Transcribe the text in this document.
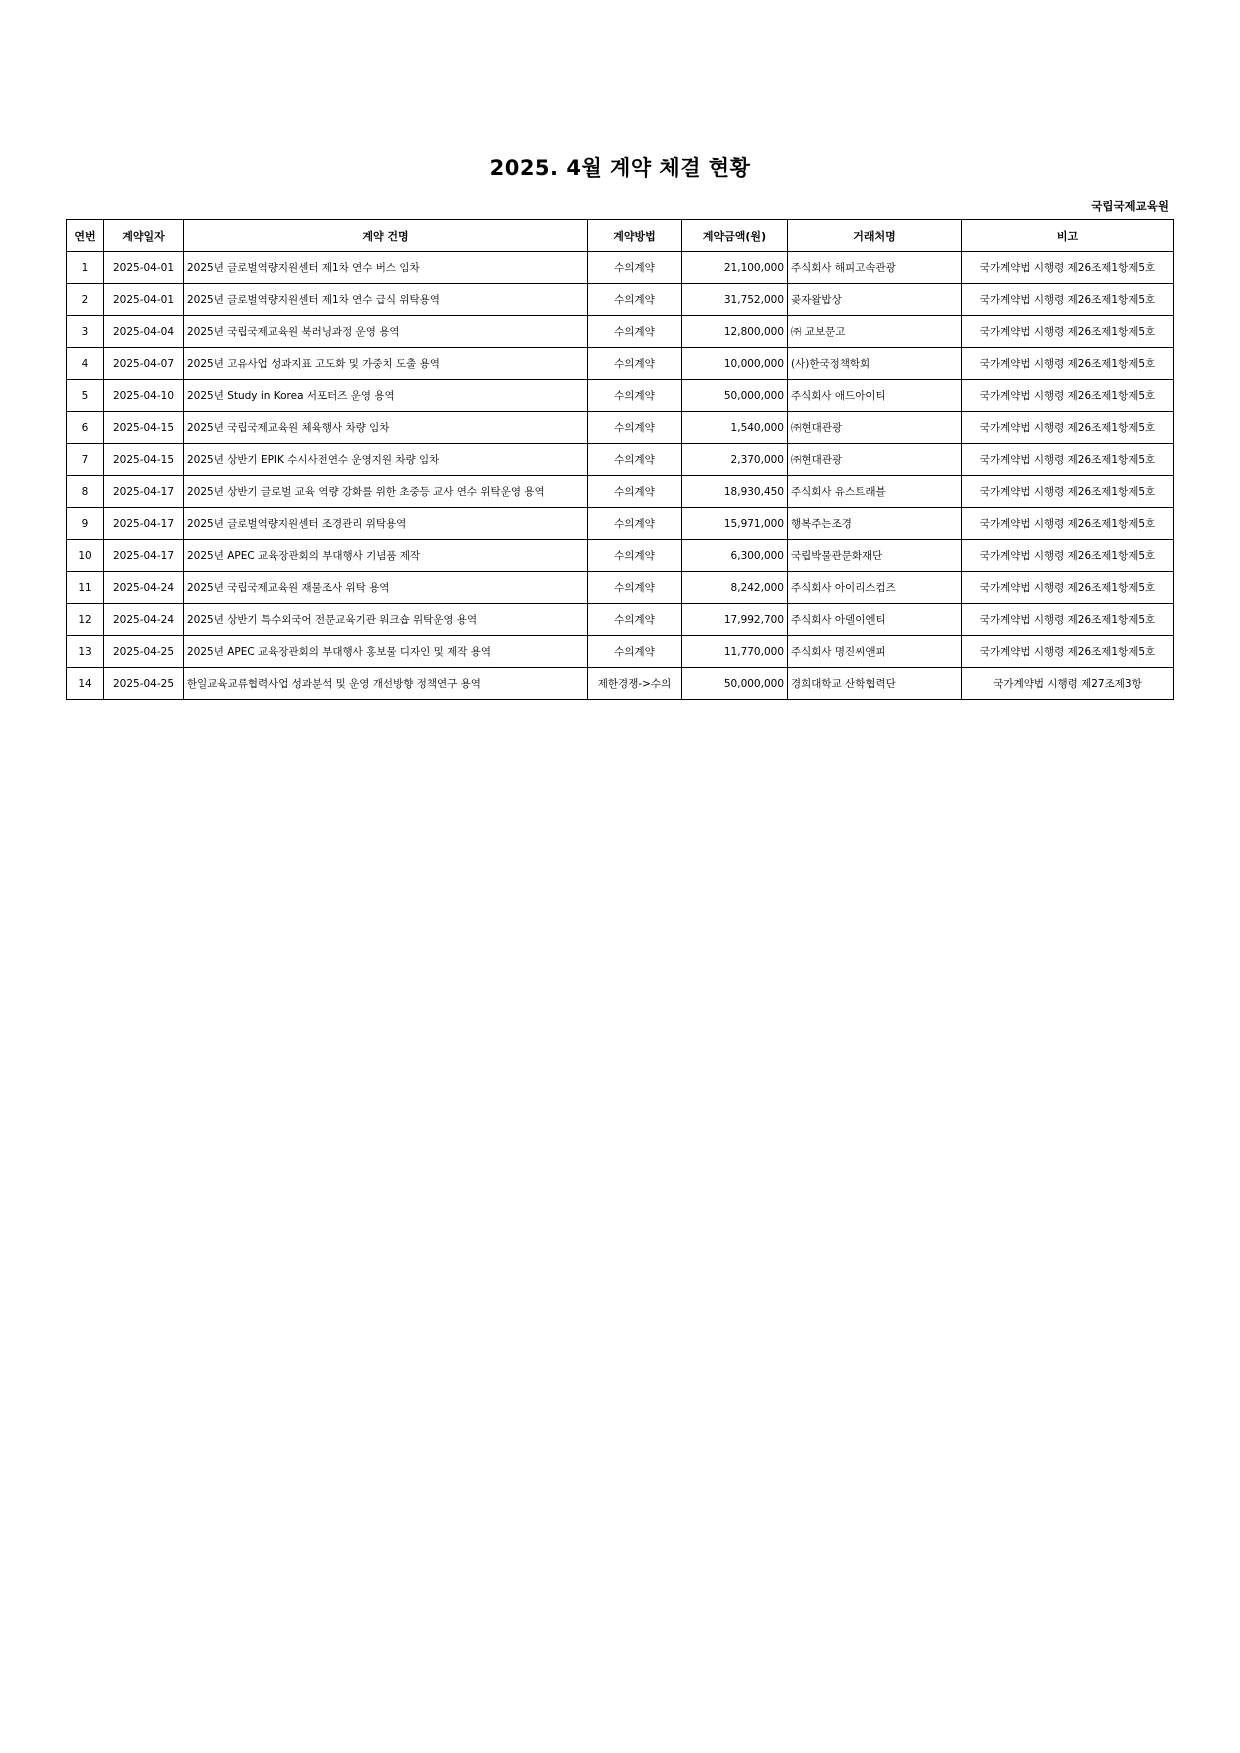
2025. 4월 계약 체결 현황
국립국제교육원
연번	계약일자	계약 건명	계약방법	계약금액(원)	거래처명	비고
1	2025-04-01	2025년 글로벌역량지원센터 제1차 연수 버스 임차	수의계약	21,100,000	주식회사 해피고속관광	국가계약법 시행령 제26조제1항제5호
2	2025-04-01	2025년 글로벌역량지원센터 제1차 연수 급식 위탁용역	수의계약	31,752,000	곶자왈밥상	국가계약법 시행령 제26조제1항제5호
3	2025-04-04	2025년 국립국제교육원 북러닝과정 운영 용역	수의계약	12,800,000	㈜ 교보문고	국가계약법 시행령 제26조제1항제5호
4	2025-04-07	2025년 고유사업 성과지표 고도화 및 가중치 도출 용역	수의계약	10,000,000	(사)한국정책학회	국가계약법 시행령 제26조제1항제5호
5	2025-04-10	2025년 Study in Korea 서포터즈 운영 용역	수의계약	50,000,000	주식회사 애드아이티	국가계약법 시행령 제26조제1항제5호
6	2025-04-15	2025년 국립국제교육원 체육행사 차량 임차	수의계약	1,540,000	㈜현대관광	국가계약법 시행령 제26조제1항제5호
7	2025-04-15	2025년 상반기 EPIK 수시사전연수 운영지원 차량 임차	수의계약	2,370,000	㈜현대관광	국가계약법 시행령 제26조제1항제5호
8	2025-04-17	2025년 상반기 글로벌 교육 역량 강화를 위한 초중등 교사 연수 위탁운영 용역	수의계약	18,930,450	주식회사 유스트래블	국가계약법 시행령 제26조제1항제5호
9	2025-04-17	2025년 글로벌역량지원센터 조경관리 위탁용역	수의계약	15,971,000	행복주는조경	국가계약법 시행령 제26조제1항제5호
10	2025-04-17	2025년 APEC 교육장관회의 부대행사 기념품 제작	수의계약	6,300,000	국립박물관문화재단	국가계약법 시행령 제26조제1항제5호
11	2025-04-24	2025년 국립국제교육원 재물조사 위탁 용역	수의계약	8,242,000	주식회사 아이리스컴즈	국가계약법 시행령 제26조제1항제5호
12	2025-04-24	2025년 상반기 특수외국어 전문교육기관 워크숍 위탁운영 용역	수의계약	17,992,700	주식회사 아델이엔티	국가계약법 시행령 제26조제1항제5호
13	2025-04-25	2025년 APEC 교육장관회의 부대행사 홍보물 디자인 및 제작 용역	수의계약	11,770,000	주식회사 명진씨앤피	국가계약법 시행령 제26조제1항제5호
14	2025-04-25	한일교육교류협력사업 성과분석 및 운영 개선방향 정책연구 용역	제한경쟁->수의	50,000,000	경희대학교 산학협력단	국가계약법 시행령 제27조제3항
